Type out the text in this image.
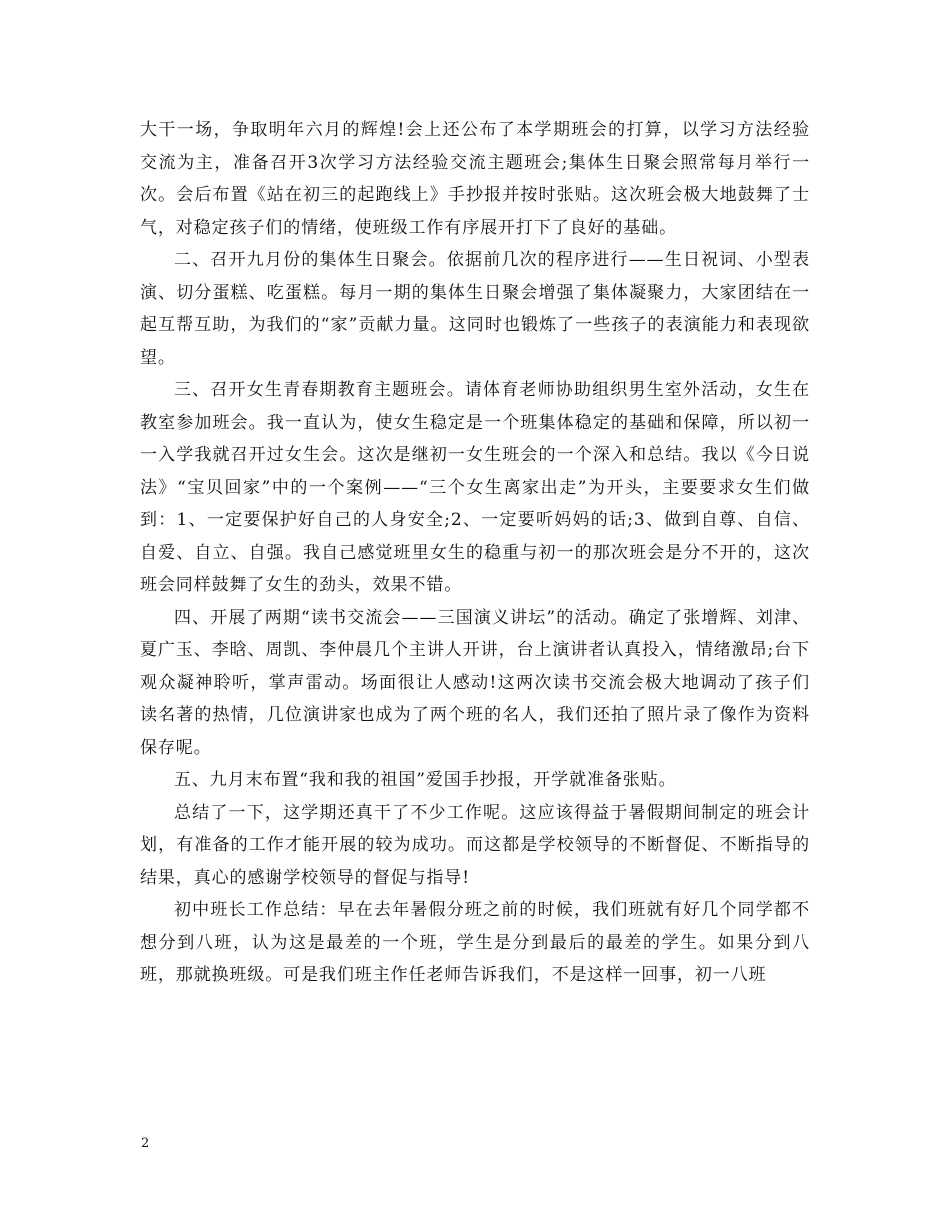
大干一场，争取明年六月的辉煌!会上还公布了本学期班会的打算，以学习方法经验交流为主，准备召开3次学习方法经验交流主题班会;集体生日聚会照常每月举行一次。会后布置《站在初三的起跑线上》手抄报并按时张贴。这次班会极大地鼓舞了士气，对稳定孩子们的情绪，使班级工作有序展开打下了良好的基础。

二、召开九月份的集体生日聚会。依据前几次的程序进行——生日祝词、小型表演、切分蛋糕、吃蛋糕。每月一期的集体生日聚会增强了集体凝聚力，大家团结在一起互帮互助，为我们的“家”贡献力量。这同时也锻炼了一些孩子的表演能力和表现欲望。

三、召开女生青春期教育主题班会。请体育老师协助组织男生室外活动，女生在教室参加班会。我一直认为，使女生稳定是一个班集体稳定的基础和保障，所以初一一入学我就召开过女生会。这次是继初一女生班会的一个深入和总结。我以《今日说法》“宝贝回家”中的一个案例——“三个女生离家出走”为开头，主要要求女生们做到：1、一定要保护好自己的人身安全;2、一定要听妈妈的话;3、做到自尊、自信、自爱、自立、自强。我自己感觉班里女生的稳重与初一的那次班会是分不开的，这次班会同样鼓舞了女生的劲头，效果不错。

四、开展了两期“读书交流会——三国演义讲坛”的活动。确定了张增辉、刘津、夏广玉、李晗、周凯、李仲晨几个主讲人开讲，台上演讲者认真投入，情绪激昂;台下观众凝神聆听，掌声雷动。场面很让人感动!这两次读书交流会极大地调动了孩子们读名著的热情，几位演讲家也成为了两个班的名人，我们还拍了照片录了像作为资料保存呢。

五、九月末布置“我和我的祖国”爱国手抄报，开学就准备张贴。

总结了一下，这学期还真干了不少工作呢。这应该得益于暑假期间制定的班会计划，有准备的工作才能开展的较为成功。而这都是学校领导的不断督促、不断指导的结果，真心的感谢学校领导的督促与指导!

初中班长工作总结：早在去年暑假分班之前的时候，我们班就有好几个同学都不想分到八班，认为这是最差的一个班，学生是分到最后的最差的学生。如果分到八班，那就换班级。可是我们班主作任老师告诉我们，不是这样一回事，初一八班

2
